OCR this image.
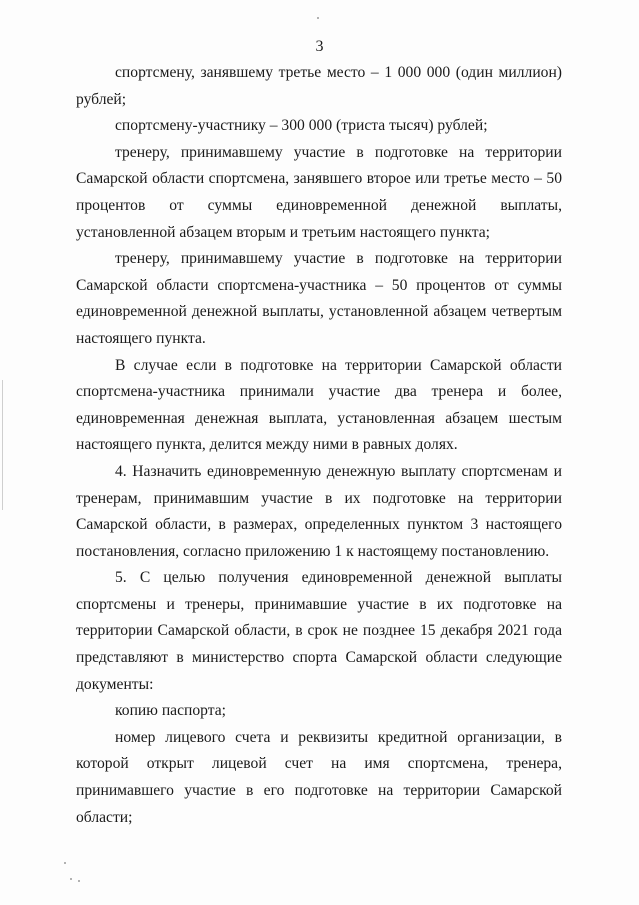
3

спортсмену, занявшему третье место – 1 000 000 (один миллион) рублей;

спортсмену-участнику – 300 000 (триста тысяч) рублей;

тренеру, принимавшему участие в подготовке на территории Самарской области спортсмена, занявшего второе или третье место – 50 процентов от суммы единовременной денежной выплаты, установленной абзацем вторым и третьим настоящего пункта;

тренеру, принимавшему участие в подготовке на территории Самарской области спортсмена-участника – 50 процентов от суммы единовременной денежной выплаты, установленной абзацем четвертым настоящего пункта.

В случае если в подготовке на территории Самарской области спортсмена-участника принимали участие два тренера и более, единовременная денежная выплата, установленная абзацем шестым настоящего пункта, делится между ними в равных долях.

4. Назначить единовременную денежную выплату спортсменам и тренерам, принимавшим участие в их подготовке на территории Самарской области, в размерах, определенных пунктом 3 настоящего постановления, согласно приложению 1 к настоящему постановлению.

5. С целью получения единовременной денежной выплаты спортсмены и тренеры, принимавшие участие в их подготовке на территории Самарской области, в срок не позднее 15 декабря 2021 года представляют в министерство спорта Самарской области следующие документы:

копию паспорта;

номер лицевого счета и реквизиты кредитной организации, в которой открыт лицевой счет на имя спортсмена, тренера, принимавшего участие в его подготовке на территории Самарской области;
